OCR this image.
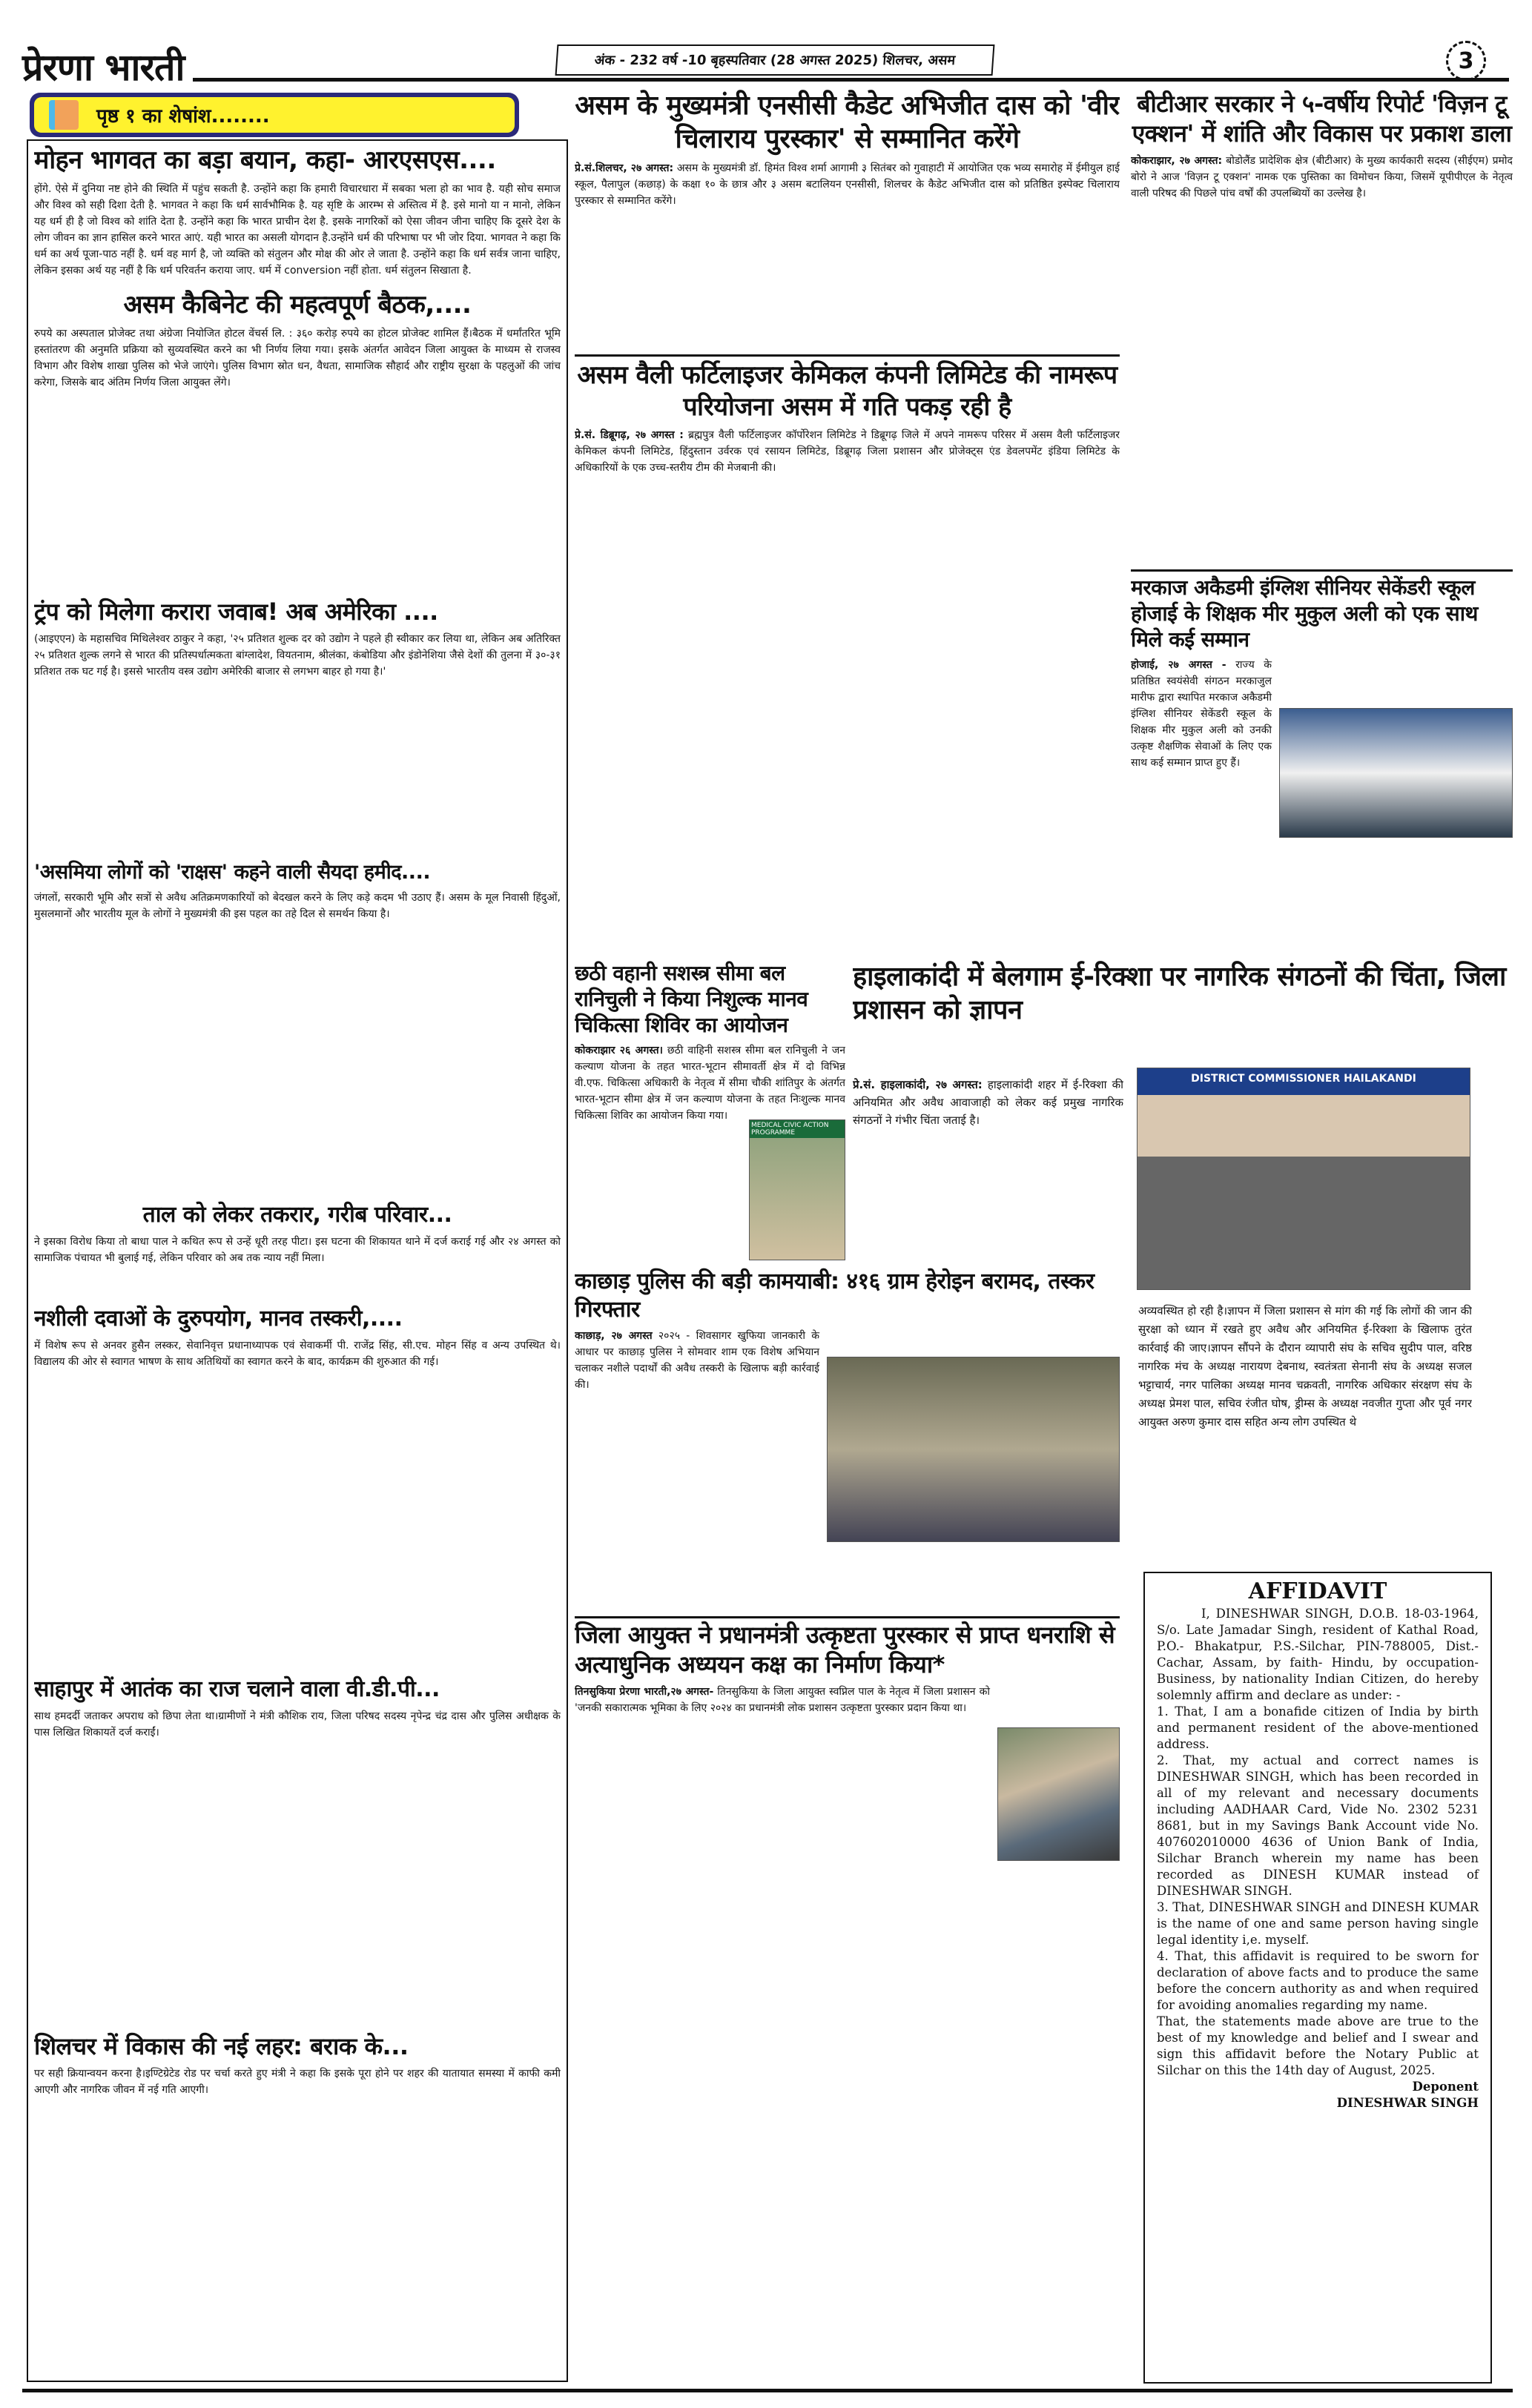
प्रेरणा भारती	अंक - 232 वर्ष -10 बृहस्पतिवार (28 अगस्त 2025) शिलचर, असम	3
पृष्ठ १ का शेषांश........
मोहन भागवत का बड़ा बयान, कहा- आरएसएस....
होंगे. ऐसे में दुनिया नष्ट होने की स्थिति में पहुंच सकती है. उन्होंने कहा कि हमारी विचारधारा में सबका भला हो का भाव है. यही सोच समाज और विश्व को सही दिशा देती है. भागवत ने कहा कि धर्म सार्वभौमिक है. यह सृष्टि के आरम्भ से अस्तित्व में है. इसे मानो या न मानो, लेकिन यह धर्म ही है जो विश्व को शांति देता है. उन्होंने कहा कि भारत प्राचीन देश है. इसके नागरिकों को ऐसा जीवन जीना चाहिए कि दूसरे देश के लोग जीवन का ज्ञान हासिल करने भारत आएं. यही भारत का असली योगदान है.उन्होंने धर्म की परिभाषा पर भी जोर दिया. भागवत ने कहा कि धर्म का अर्थ पूजा-पाठ नहीं है. धर्म वह मार्ग है, जो व्यक्ति को संतुलन और मोक्ष की ओर ले जाता है. उन्होंने कहा कि धर्म सर्वत्र जाना चाहिए, लेकिन इसका अर्थ यह नहीं है कि धर्म परिवर्तन कराया जाए. धर्म में conversion नहीं होता. धर्म संतुलन सिखाता है.
असम कैबिनेट की महत्वपूर्ण बैठक,....
रुपये का अस्पताल प्रोजेक्ट तथा अंग्रेजा नियोजित होटल वेंचर्स लि. : ३६० करोड़ रुपये का होटल प्रोजेक्ट शामिल हैं।बैठक में धर्मांतरित भूमि हस्तांतरण की अनुमति प्रक्रिया को सुव्यवस्थित करने का भी निर्णय लिया गया। इसके अंतर्गत आवेदन जिला आयुक्त के माध्यम से राजस्व विभाग और विशेष शाखा पुलिस को भेजे जाएंगे। पुलिस विभाग स्रोत धन, वैधता, सामाजिक सौहार्द और राष्ट्रीय सुरक्षा के पहलुओं की जांच करेगा, जिसके बाद अंतिम निर्णय जिला आयुक्त लेंगे।
ट्रंप को मिलेगा करारा जवाब! अब अमेरिका ....
(आइएएन) के महासचिव मिथिलेश्वर ठाकुर ने कहा, '२५ प्रतिशत शुल्क दर को उद्योग ने पहले ही स्वीकार कर लिया था, लेकिन अब अतिरिक्त २५ प्रतिशत शुल्क लगने से भारत की प्रतिस्पर्धात्मकता बांग्लादेश, वियतनाम, श्रीलंका, कंबोडिया और इंडोनेशिया जैसे देशों की तुलना में ३०-३१ प्रतिशत तक घट गई है। इससे भारतीय वस्त्र उद्योग अमेरिकी बाजार से लगभग बाहर हो गया है।'
'असमिया लोगों को 'राक्षस' कहने वाली सैयदा हमीद....
जंगलों, सरकारी भूमि और सत्रों से अवैध अतिक्रमणकारियों को बेदखल करने के लिए कड़े कदम भी उठाए हैं। असम के मूल निवासी हिंदुओं, मुसलमानों और भारतीय मूल के लोगों ने मुख्यमंत्री की इस पहल का तहे दिल से समर्थन किया है।
ताल को लेकर तकरार, गरीब परिवार...
ने इसका विरोध किया तो बाधा पाल ने कथित रूप से उन्हें धूरी तरह पीटा। इस घटना की शिकायत थाने में दर्ज कराई गई और २४ अगस्त को सामाजिक पंचायत भी बुलाई गई, लेकिन परिवार को अब तक न्याय नहीं मिला।
नशीली दवाओं के दुरुपयोग, मानव तस्करी,....
में विशेष रूप से अनवर हुसैन लस्कर, सेवानिवृत्त प्रधानाध्यापक एवं सेवाकर्मी पी. राजेंद्र सिंह, सी.एच. मोहन सिंह व अन्य उपस्थित थे। विद्यालय की ओर से स्वागत भाषण के साथ अतिथियों का स्वागत करने के बाद, कार्यक्रम की शुरुआत की गई।
साहापुर में आतंक का राज चलाने वाला वी.डी.पी...
साथ हमदर्दी जताकर अपराध को छिपा लेता था।ग्रामीणों ने मंत्री कौशिक राय, जिला परिषद सदस्य नृपेन्द्र चंद्र दास और पुलिस अधीक्षक के पास लिखित शिकायतें दर्ज कराईं।
शिलचर में विकास की नई लहर: बराक के...
पर सही क्रियान्वयन करना है।इण्टिग्रेटेड रोड पर चर्चा करते हुए मंत्री ने कहा कि इसके पूरा होने पर शहर की यातायात समस्या में काफी कमी आएगी और नागरिक जीवन में नई गति आएगी।
असम के मुख्यमंत्री एनसीसी कैडेट अभिजीत दास को 'वीर चिलाराय पुरस्कार' से सम्मानित करेंगे
प्रे.सं.शिलचर, २७ अगस्त: असम के मुख्यमंत्री डॉ. हिमंत विश्व शर्मा आगामी ३ सितंबर को गुवाहाटी में आयोजित एक भव्य समारोह में ईमीयुल हाई स्कूल, पैलापुल (कछाड़) के कक्षा १० के छात्र और ३ असम बटालियन एनसीसी, शिलचर के कैडेट अभिजीत दास को प्रतिष्ठित इस्पेक्ट चिलाराय पुरस्कार से सम्मानित करेंगे।
असम वैली फर्टिलाइजर केमिकल कंपनी लिमिटेड की नामरूप परियोजना असम में गति पकड़ रही है
प्रे.सं. डिब्रूगढ़, २७ अगस्त : ब्रह्मपुत्र वैली फर्टिलाइजर कॉर्पोरेशन लिमिटेड ने डिब्रूगढ़ जिले में अपने नामरूप परिसर में असम वैली फर्टिलाइजर केमिकल कंपनी लिमिटेड, हिंदुस्तान उर्वरक एवं रसायन लिमिटेड, डिब्रूगढ़ जिला प्रशासन और प्रोजेक्ट्स एंड डेवलपमेंट इंडिया लिमिटेड के अधिकारियों के एक उच्च-स्तरीय टीम की मेजबानी की।
छठी वहानी सशस्त्र सीमा बल रानिचुली ने किया निशुल्क मानव चिकित्सा शिविर का आयोजन
कोकराझार २६ अगस्त। छठी वाहिनी सशस्त्र सीमा बल रानिचुली ने जन कल्याण योजना के तहत भारत-भूटान सीमावर्ती क्षेत्र में दो विभिन्न वी.एफ. चिकित्सा अधिकारी के नेतृत्व में सीमा चौकी शांतिपुर के अंतर्गत भारत-भूटान सीमा क्षेत्र में जन कल्याण योजना के तहत निःशुल्क मानव चिकित्सा शिविर का आयोजन किया गया।
काछाड़ पुलिस की बड़ी कामयाबी: ४१६ ग्राम हेरोइन बरामद, तस्कर गिरफ्तार
काछाड़, २७ अगस्त २०२५ - शिवसागर खुफिया जानकारी के आधार पर काछाड़ पुलिस ने सोमवार शाम एक विशेष अभियान चलाकर नशीले पदार्थों की अवैध तस्करी के खिलाफ बड़ी कार्रवाई की।
MEDICAL CIVIC ACTION PROGRAMME
जिला आयुक्त ने प्रधानमंत्री उत्कृष्टता पुरस्कार से प्राप्त धनराशि से अत्याधुनिक अध्ययन कक्ष का निर्माण किया*
तिनसुकिया प्रेरणा भारती,२७ अगस्त- तिनसुकिया के जिला आयुक्त स्वप्निल पाल के नेतृत्व में जिला प्रशासन को 'जनकी सकारात्मक भूमिका के लिए २०२४ का प्रधानमंत्री लोक प्रशासन उत्कृष्टता पुरस्कार प्रदान किया था।
बीटीआर सरकार ने ५-वर्षीय रिपोर्ट 'विज़न टू एक्शन' में शांति और विकास पर प्रकाश डाला
कोकराझार, २७ अगस्त: बोडोलैंड प्रादेशिक क्षेत्र (बीटीआर) के मुख्य कार्यकारी सदस्य (सीईएम) प्रमोद बोरो ने आज 'विज़न टू एक्शन' नामक एक पुस्तिका का विमोचन किया, जिसमें यूपीपीएल के नेतृत्व वाली परिषद की पिछले पांच वर्षों की उपलब्धियों का उल्लेख है।
मरकाज अकैडमी इंग्लिश सीनियर सेकेंडरी स्कूल होजाई के शिक्षक मीर मुकुल अली को एक साथ मिले कई सम्मान
होजाई, २७ अगस्त - राज्य के प्रतिष्ठित स्वयंसेवी संगठन मरकाजुल मारीफ द्वारा स्थापित मरकाज अकैडमी इंग्लिश सीनियर सेकेंडरी स्कूल के शिक्षक मीर मुकुल अली को उनकी उत्कृष्ट शैक्षणिक सेवाओं के लिए एक साथ कई सम्मान प्राप्त हुए हैं।
हाइलाकांदी में बेलगाम ई-रिक्शा पर नागरिक संगठनों की चिंता, जिला प्रशासन को ज्ञापन
प्रे.सं. हाइलाकांदी, २७ अगस्त: हाइलाकांदी शहर में ई-रिक्शा की अनियमित और अवैध आवाजाही को लेकर कई प्रमुख नागरिक संगठनों ने गंभीर चिंता जताई है।
DISTRICT COMMISSIONER HAILAKANDI
अव्यवस्थित हो रही है।ज्ञापन में जिला प्रशासन से मांग की गई कि लोगों की जान की सुरक्षा को ध्यान में रखते हुए अवैध और अनियमित ई-रिक्शा के खिलाफ तुरंत कार्रवाई की जाए।ज्ञापन सौंपने के दौरान व्यापारी संघ के सचिव सुदीप पाल, वरिष्ठ नागरिक मंच के अध्यक्ष नारायण देबनाथ, स्वतंत्रता सेनानी संघ के अध्यक्ष सजल भट्टाचार्य, नगर पालिका अध्यक्ष मानव चक्रवती, नागरिक अधिकार संरक्षण संघ के अध्यक्ष प्रेमश पाल, सचिव रंजीत घोष, ड्रीम्स के अध्यक्ष नवजीत गुप्ता और पूर्व नगर आयुक्त अरुण कुमार दास सहित अन्य लोग उपस्थित थे
AFFIDAVIT

I, DINESHWAR SINGH, D.O.B. 18-03-1964, S/o. Late Jamadar Singh, resident of Kathal Road, P.O.- Bhakatpur, P.S.-Silchar, PIN-788005, Dist.- Cachar, Assam, by faith- Hindu, by occupation- Business, by nationality Indian Citizen, do hereby solemnly affirm and declare as under: -

1. That, I am a bonafide citizen of India by birth and permanent resident of the above-mentioned address.

2. That, my actual and correct names is DINESHWAR SINGH, which has been recorded in all of my relevant and necessary documents including AADHAAR Card, Vide No. 2302 5231 8681, but in my Savings Bank Account vide No. 407602010000 4636 of Union Bank of India, Silchar Branch wherein my name has been recorded as DINESH KUMAR instead of DINESHWAR SINGH.

3. That, DINESHWAR SINGH and DINESH KUMAR is the name of one and same person having single legal identity i,e. myself.

4. That, this affidavit is required to be sworn for declaration of above facts and to produce the same before the concern authority as and when required for avoiding anomalies regarding my name.

That, the statements made above are true to the best of my knowledge and belief and I swear and sign this affidavit before the Notary Public at Silchar on this the 14th day of August, 2025.

Deponent

DINESHWAR SINGH
